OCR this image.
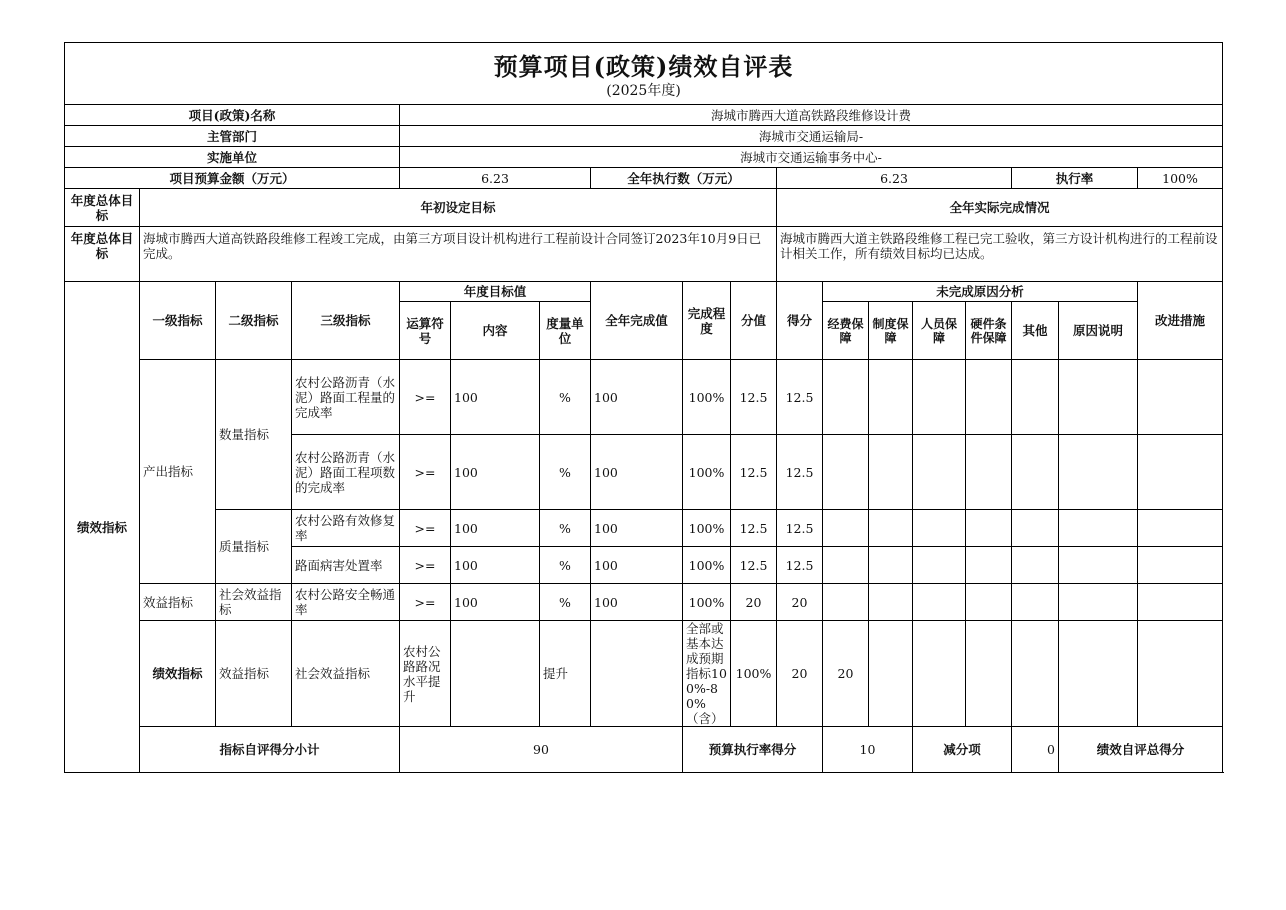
预算项目(政策)绩效自评表
(2025年度)																		

项目(政策)名称				海城市腾西大道高铁路段维修设计费														
主管部门				海城市交通运输局-														
实施单位				海城市交通运输事务中心-														
项目预算金额（万元）				6.23			全年执行数（万元）			6.23					执行率		100%	
年度总体目标	年初设定目标									全年实际完成情况								
年度总体目标	海城市腾西大道高铁路段维修工程竣工完成，由第三方项目设计机构进行工程前设计合同签订2023年10月9日已完成。									海城市腾西大道主铁路段维修工程已完工验收，第三方设计机构进行的工程前设计相关工作，所有绩效目标均已达成。								
绩效指标	一级指标	二级指标	三级指标	年度目标值			全年完成值	完成程度	分值	得分	未完成原因分析						改进措施	
				运算符号	内容	度量单位					经费保障	制度保障	人员保障	硬件条件保障	其他	原因说明		
	产出指标	数量指标	农村公路沥青（水泥）路面工程量的完成率	>=	100	%	100	100%	12.5	12.5								
			农村公路沥青（水泥）路面工程项数的完成率	>=	100	%	100	100%	12.5	12.5								
		质量指标	农村公路有效修复率	>=	100	%	100	100%	12.5	12.5								
			路面病害处置率	>=	100	%	100	100%	12.5	12.5								
	效益指标	社会效益指标	农村公路安全畅通率	>=	100	%	100	100%	20	20								
	绩效指标	效益指标	社会效益指标	农村公路路况水平提升		提升		全部或基本达成预期指标100%-80%（含）	100%	20	20							
	指标自评得分小计			90				预算执行率得分			10		减分项		0	绩效自评总得分	
